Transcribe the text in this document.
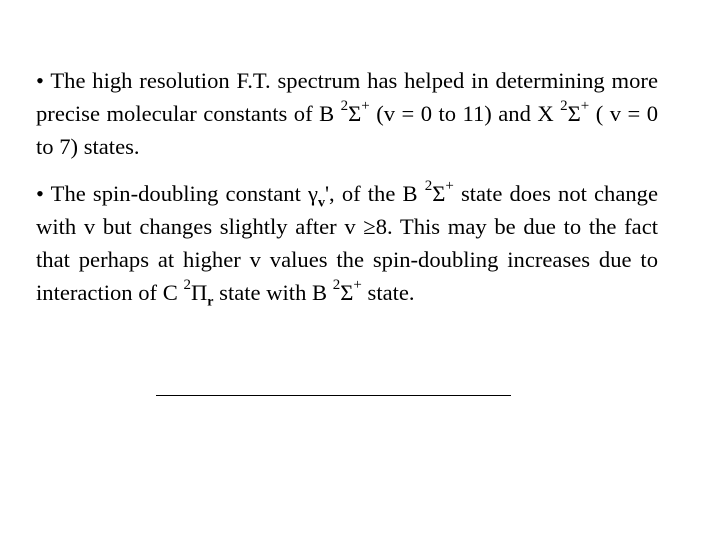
• The high resolution F.T. spectrum has helped in determining more precise molecular constants of B $^2$Σ+ (v = 0 to 11) and X $^2$Σ+ ( v = 0 to 7) states.

• The spin-doubling constant $\gamma_v'$, of the B $^2$Σ+ state does not change with v but changes slightly after v ≥8. This may be due to the fact that perhaps at higher v values the spin-doubling increases due to interaction of C $^2\Pi_r$ state with B $^2$Σ+ state.
